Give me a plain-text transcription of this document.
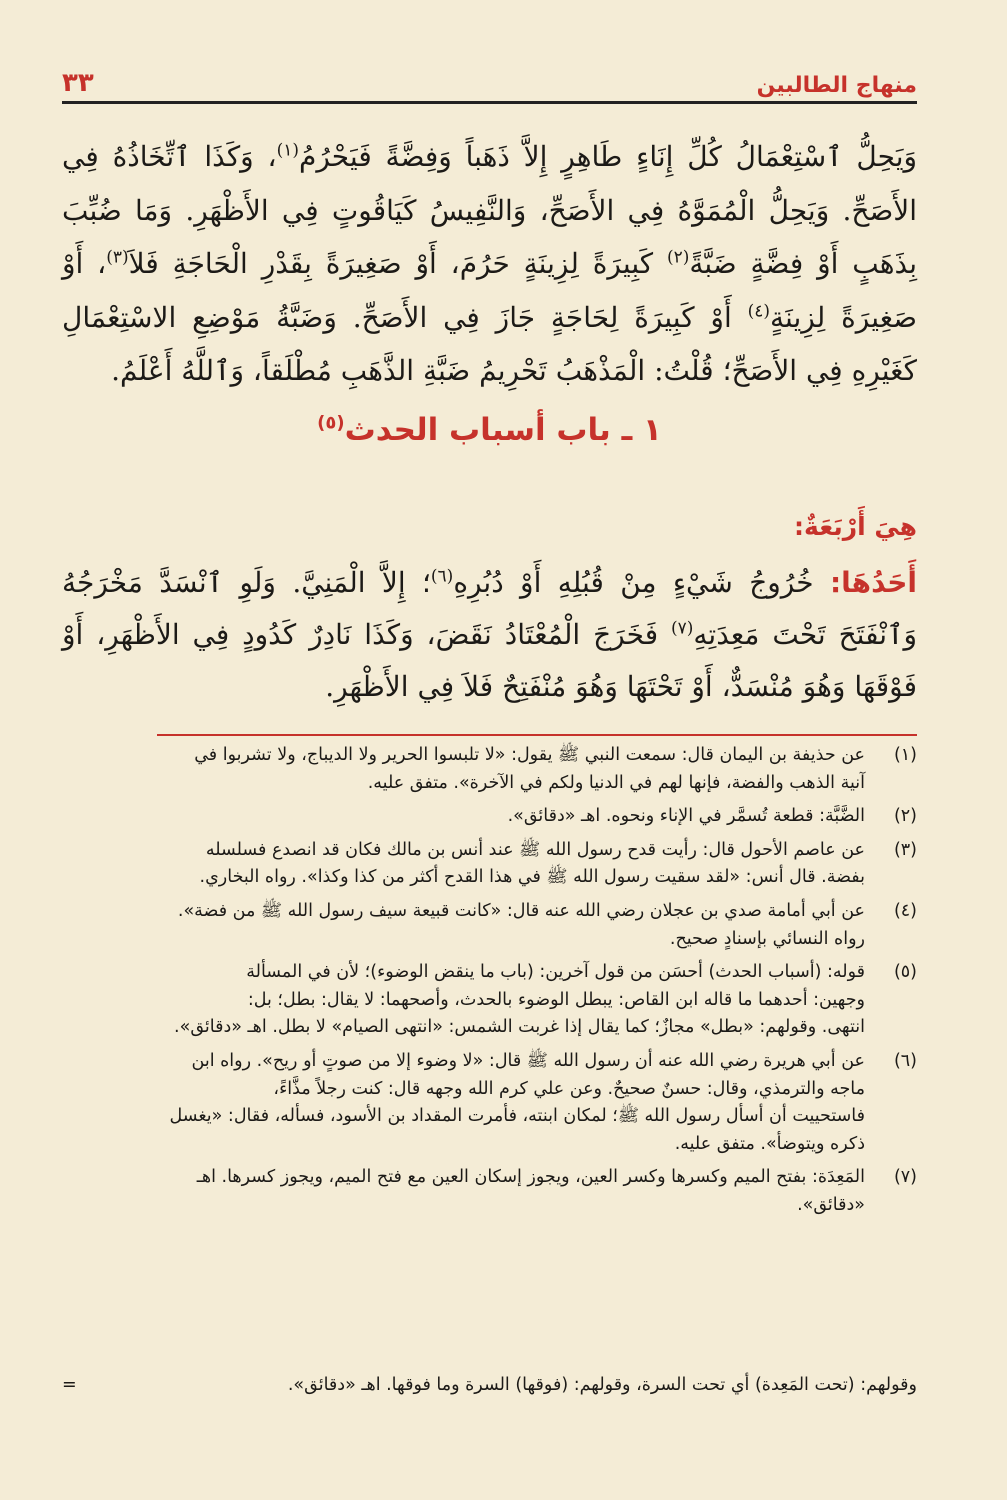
منهاج الطالبين
٣٣

وَيَحِلُّ ٱسْتِعْمَالُ كُلِّ إِنَاءٍ طَاهِرٍ إِلاَّ ذَهَباً وَفِضَّةً فَيَحْرُمُ$^{(١)}$، وَكَذَا ٱتِّخَاذُهُ فِي الأَصَحِّ. وَيَحِلُّ الْمُمَوَّهُ فِي الأَصَحِّ، وَالنَّفِيسُ كَيَاقُوتٍ فِي الأَظْهَرِ. وَمَا ضُبِّبَ بِذَهَبٍ أَوْ فِضَّةٍ ضَبَّةً$^{(٢)}$ كَبِيرَةً لِزِينَةٍ حَرُمَ، أَوْ صَغِيرَةً بِقَدْرِ الْحَاجَةِ فَلاَ$^{(٣)}$، أَوْ صَغِيرَةً لِزِينَةٍ$^{(٤)}$ أَوْ كَبِيرَةً لِحَاجَةٍ جَازَ فِي الأَصَحِّ. وَضَبَّةُ مَوْضِعِ الاسْتِعْمَالِ كَغَيْرِهِ فِي الأَصَحِّ؛ قُلْتُ: الْمَذْهَبُ تَحْرِيمُ ضَبَّةِ الذَّهَبِ مُطْلَقاً، وَٱللَّهُ أَعْلَمُ.

١ ـ باب أسباب الحدث$^{(٥)}$
هِيَ أَرْبَعَةٌ:
أَحَدُهَا: خُرُوجُ شَيْءٍ مِنْ قُبُلِهِ أَوْ دُبُرِهِ$^{(٦)}$؛ إِلاَّ الْمَنِيَّ. وَلَوِ ٱنْسَدَّ مَخْرَجُهُ وَٱنْفَتَحَ تَحْتَ مَعِدَتِهِ$^{(٧)}$ فَخَرَجَ الْمُعْتَادُ نَقَضَ، وَكَذَا نَادِرٌ كَدُودٍ فِي الأَظْهَرِ، أَوْ فَوْقَهَا وَهُوَ مُنْسَدٌّ، أَوْ تَحْتَهَا وَهُوَ مُنْفَتِحٌ فَلاَ فِي الأَظْهَرِ.
(١)
عن حذيفة بن اليمان قال: سمعت النبي ﷺ يقول: «لا تلبسوا الحرير ولا الديباج، ولا تشربوا في
آنية الذهب والفضة، فإنها لهم في الدنيا ولكم في الآخرة». متفق عليه.
(٢)
الضَّبَّة: قطعة تُسمَّر في الإناء ونحوه. اهـ «دقائق».
(٣)
عن عاصم الأحول قال: رأيت قدح رسول الله ﷺ عند أنس بن مالك فكان قد انصدع فسلسله
بفضة. قال أنس: «لقد سقيت رسول الله ﷺ في هذا القدح أكثر من كذا وكذا». رواه البخاري.
(٤)
عن أبي أمامة صدي بن عجلان رضي الله عنه قال: «كانت قبيعة سيف رسول الله ﷺ من فضة».
رواه النسائي بإسنادٍ صحيح.
(٥)
قوله: (أسباب الحدث) أحسَن من قول آخرين: (باب ما ينقض الوضوء)؛ لأن في المسألة
وجهين: أحدهما ما قاله ابن القاص: يبطل الوضوء بالحدث، وأصحهما: لا يقال: بطل؛ بل:
انتهى. وقولهم: «بطل» مجازٌ؛ كما يقال إذا غربت الشمس: «انتهى الصيام» لا بطل. اهـ «دقائق».
(٦)
عن أبي هريرة رضي الله عنه أن رسول الله ﷺ قال: «لا وضوء إلا من صوتٍ أو ريح». رواه ابن
ماجه والترمذي، وقال: حسنٌ صحيحٌ. وعن علي كرم الله وجهه قال: كنت رجلاً مذَّاءً،
فاستحييت أن أسأل رسول الله ﷺ؛ لمكان ابنته، فأمرت المقداد بن الأسود، فسأله، فقال: «يغسل
ذكره ويتوضأ». متفق عليه.
(٧)
المَعِدَة: بفتح الميم وكسرها وكسر العين، ويجوز إسكان العين مع فتح الميم، ويجوز كسرها. اهـ
«دقائق».
وقولهم: (تحت المَعِدة) أي تحت السرة، وقولهم: (فوقها) السرة وما فوقها. اهـ «دقائق».
=
